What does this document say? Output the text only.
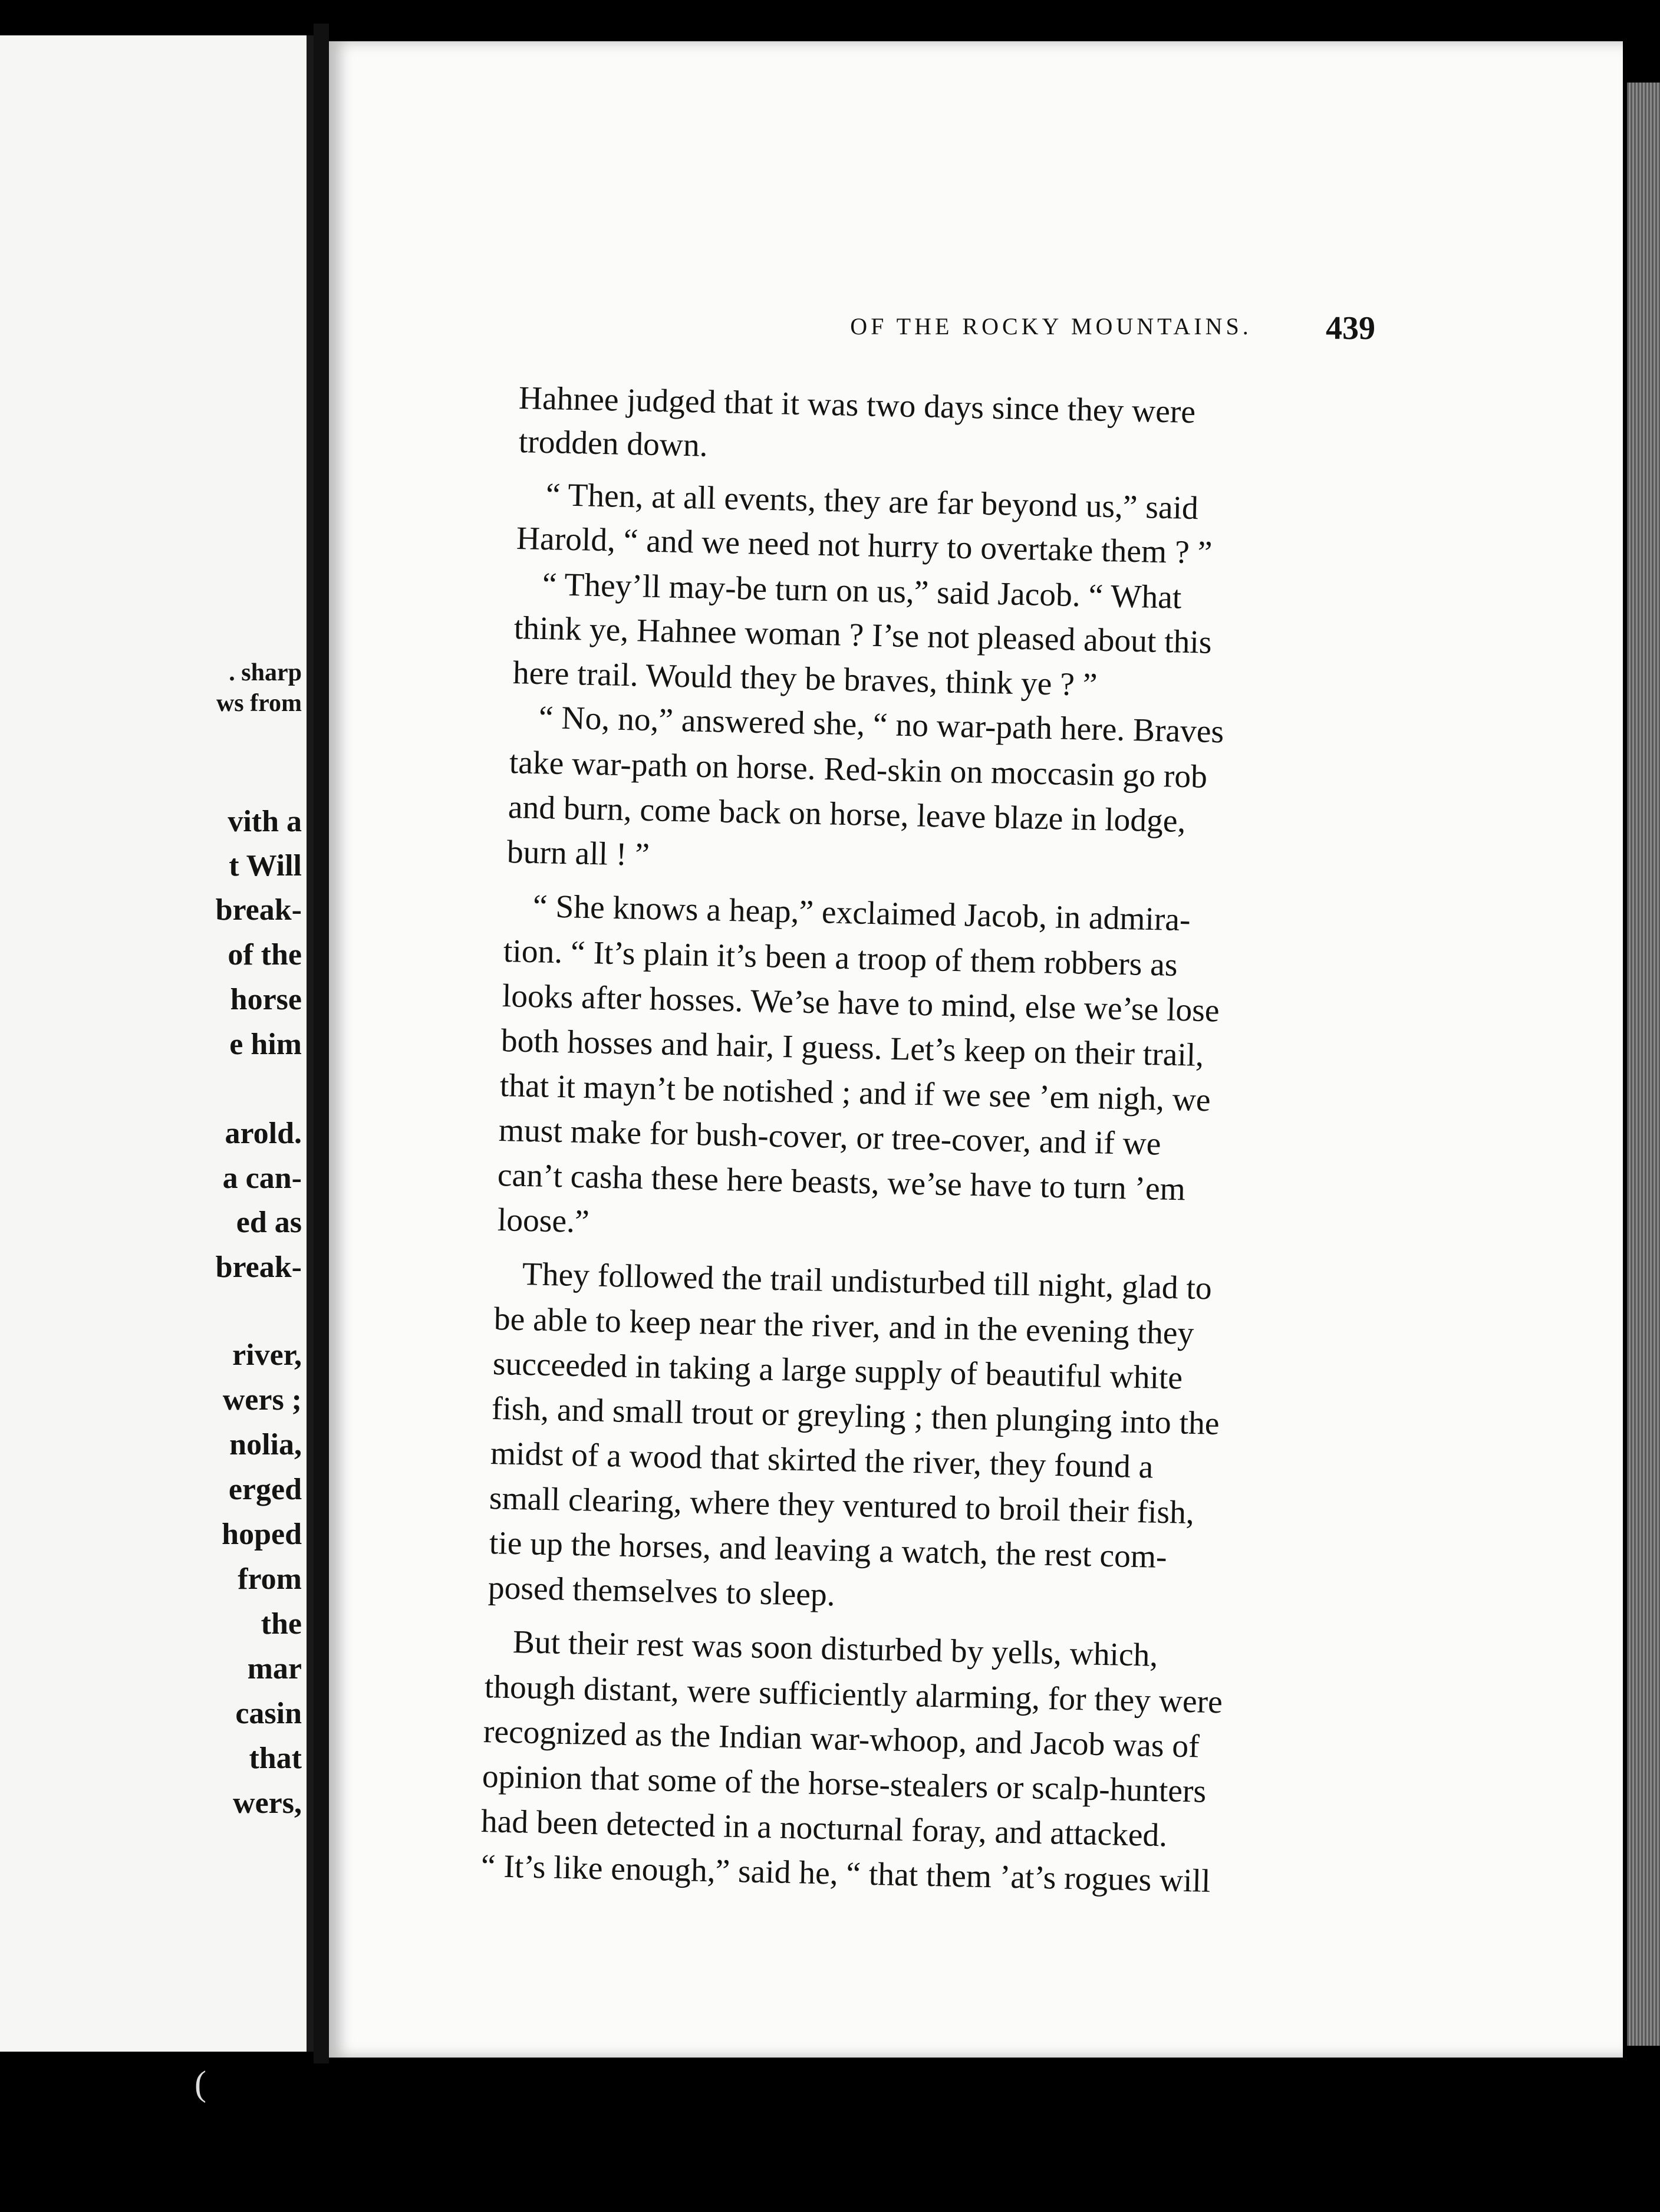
. sharp
ws from
vith a
t Will
break-
of the
horse
e him
arold.
a can-
ed as
break-
river,
wers ;
nolia,
erged
hoped
from
the
mar
casin
that
wers,
OF THE ROCKY MOUNTAINS.	439
Hahnee judged that it was two days since they were
trodden down.
“ Then, at all events, they are far beyond us,” said
Harold, “ and we need not hurry to overtake them ? ”
“ They’ll may-be turn on us,” said Jacob. “ What
think ye, Hahnee woman ? I’se not pleased about this
here trail. Would they be braves, think ye ? ”
“ No, no,” answered she, “ no war-path here. Braves
take war-path on horse. Red-skin on moccasin go rob
and burn, come back on horse, leave blaze in lodge,
burn all ! ”
“ She knows a heap,” exclaimed Jacob, in admira-
tion. “ It’s plain it’s been a troop of them robbers as
looks after hosses. We’se have to mind, else we’se lose
both hosses and hair, I guess. Let’s keep on their trail,
that it mayn’t be notished ; and if we see ’em nigh, we
must make for bush-cover, or tree-cover, and if we
can’t casha these here beasts, we’se have to turn ’em
loose.”
They followed the trail undisturbed till night, glad to
be able to keep near the river, and in the evening they
succeeded in taking a large supply of beautiful white
fish, and small trout or greyling ; then plunging into the
midst of a wood that skirted the river, they found a
small clearing, where they ventured to broil their fish,
tie up the horses, and leaving a watch, the rest com-
posed themselves to sleep.
But their rest was soon disturbed by yells, which,
though distant, were sufficiently alarming, for they were
recognized as the Indian war-whoop, and Jacob was of
opinion that some of the horse-stealers or scalp-hunters
had been detected in a nocturnal foray, and attacked.
“ It’s like enough,” said he, “ that them ’at’s rogues will
(
